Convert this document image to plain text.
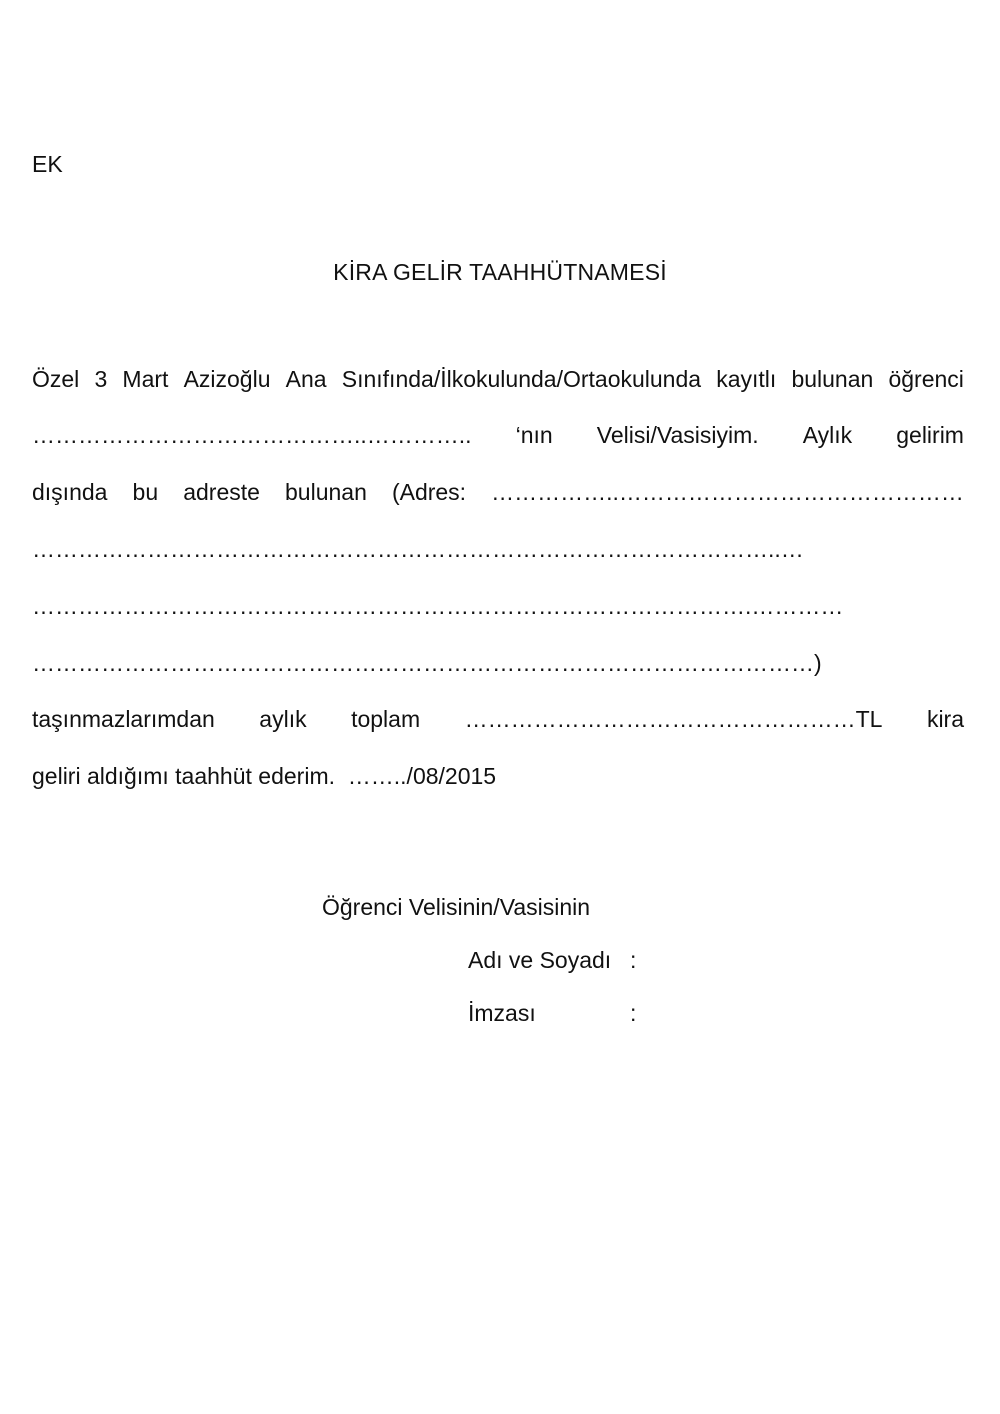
EK
KİRA GELİR TAAHHÜTNAMESİ
Özel 3 Mart Azizoğlu Ana Sınıfında/İlkokulunda/Ortaokulunda kayıtlı bulunan öğrenci
……………………………………..………….. ‘nın Velisi/Vasisiyim. Aylık gelirim
dışında bu adreste bulunan (Adres: ……………..………………………………………
……………………………………………………………………………………..…
………………………………………………………………………………….…………
…………………………………………………………………………………………)
taşınmazlarımdan aylık toplam ……………………………………………TL kira
geliri aldığımı taahhüt ederim.  ……../08/2015
Öğrenci Velisinin/Vasisinin
Adı ve Soyadı :
İmzası	:
